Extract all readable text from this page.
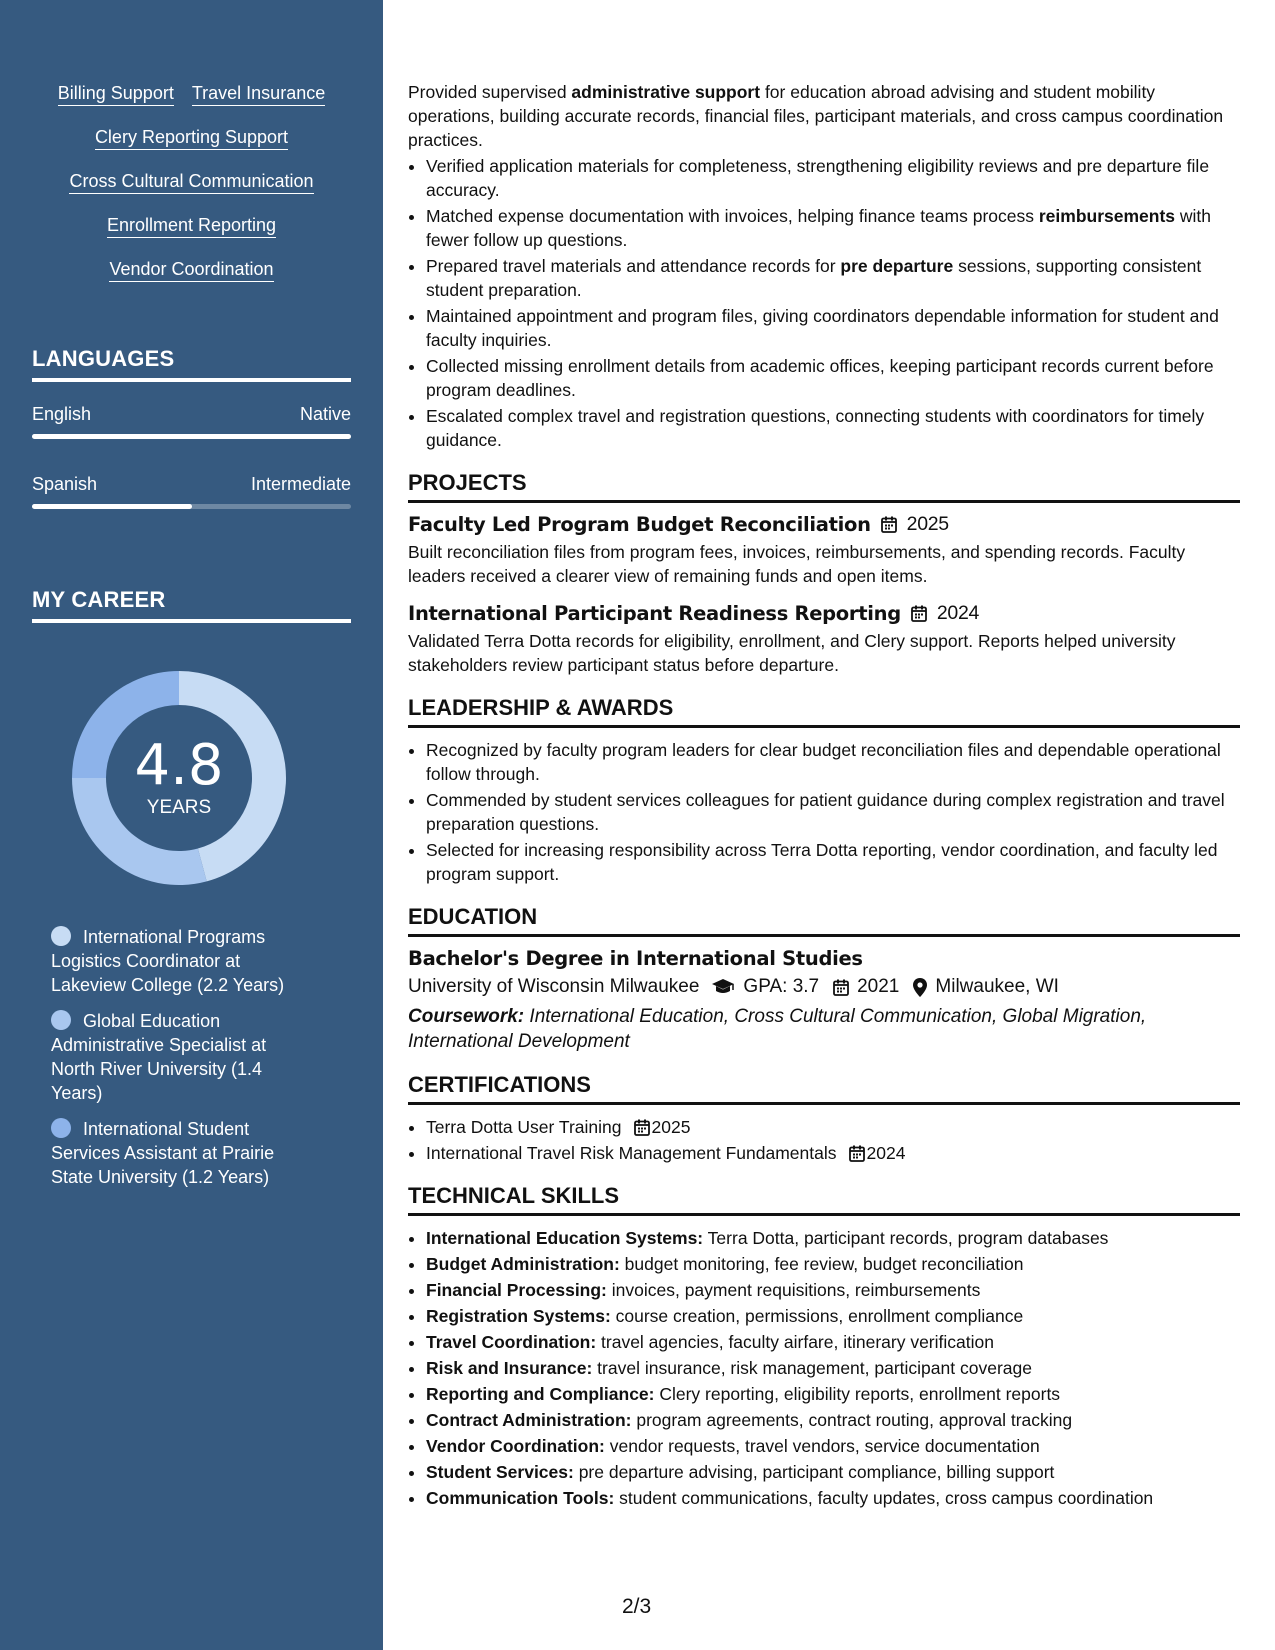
Billing Support Travel Insurance
Clery Reporting Support
Cross Cultural Communication
Enrollment Reporting
Vendor Coordination
LANGUAGES
English	Native
Spanish	Intermediate
MY CAREER
4.8
YEARS
International Programs Logistics Coordinator at Lakeview College (2.2 Years)
Global Education Administrative Specialist at North River University (1.4 Years)
International Student Services Assistant at Prairie State University (1.2 Years)
Provided supervised administrative support for education abroad advising and student mobility operations, building accurate records, financial files, participant materials, and cross campus coordination practices.
• Verified application materials for completeness, strengthening eligibility reviews and pre departure file accuracy.
• Matched expense documentation with invoices, helping finance teams process reimbursements with fewer follow up questions.
• Prepared travel materials and attendance records for pre departure sessions, supporting consistent student preparation.
• Maintained appointment and program files, giving coordinators dependable information for student and faculty inquiries.
• Collected missing enrollment details from academic offices, keeping participant records current before program deadlines.
• Escalated complex travel and registration questions, connecting students with coordinators for timely guidance.
PROJECTS
Faculty Led Program Budget Reconciliation 2025
Built reconciliation files from program fees, invoices, reimbursements, and spending records. Faculty leaders received a clearer view of remaining funds and open items.
International Participant Readiness Reporting 2024
Validated Terra Dotta records for eligibility, enrollment, and Clery support. Reports helped university stakeholders review participant status before departure.
LEADERSHIP & AWARDS
• Recognized by faculty program leaders for clear budget reconciliation files and dependable operational follow through.
• Commended by student services colleagues for patient guidance during complex registration and travel preparation questions.
• Selected for increasing responsibility across Terra Dotta reporting, vendor coordination, and faculty led program support.
EDUCATION
Bachelor's Degree in International Studies
University of Wisconsin Milwaukee GPA: 3.7 2021 Milwaukee, WI
Coursework: International Education, Cross Cultural Communication, Global Migration, International Development
CERTIFICATIONS
• Terra Dotta User Training 2025
• International Travel Risk Management Fundamentals 2024
TECHNICAL SKILLS
• International Education Systems: Terra Dotta, participant records, program databases
• Budget Administration: budget monitoring, fee review, budget reconciliation
• Financial Processing: invoices, payment requisitions, reimbursements
• Registration Systems: course creation, permissions, enrollment compliance
• Travel Coordination: travel agencies, faculty airfare, itinerary verification
• Risk and Insurance: travel insurance, risk management, participant coverage
• Reporting and Compliance: Clery reporting, eligibility reports, enrollment reports
• Contract Administration: program agreements, contract routing, approval tracking
• Vendor Coordination: vendor requests, travel vendors, service documentation
• Student Services: pre departure advising, participant compliance, billing support
• Communication Tools: student communications, faculty updates, cross campus coordination
2/3
